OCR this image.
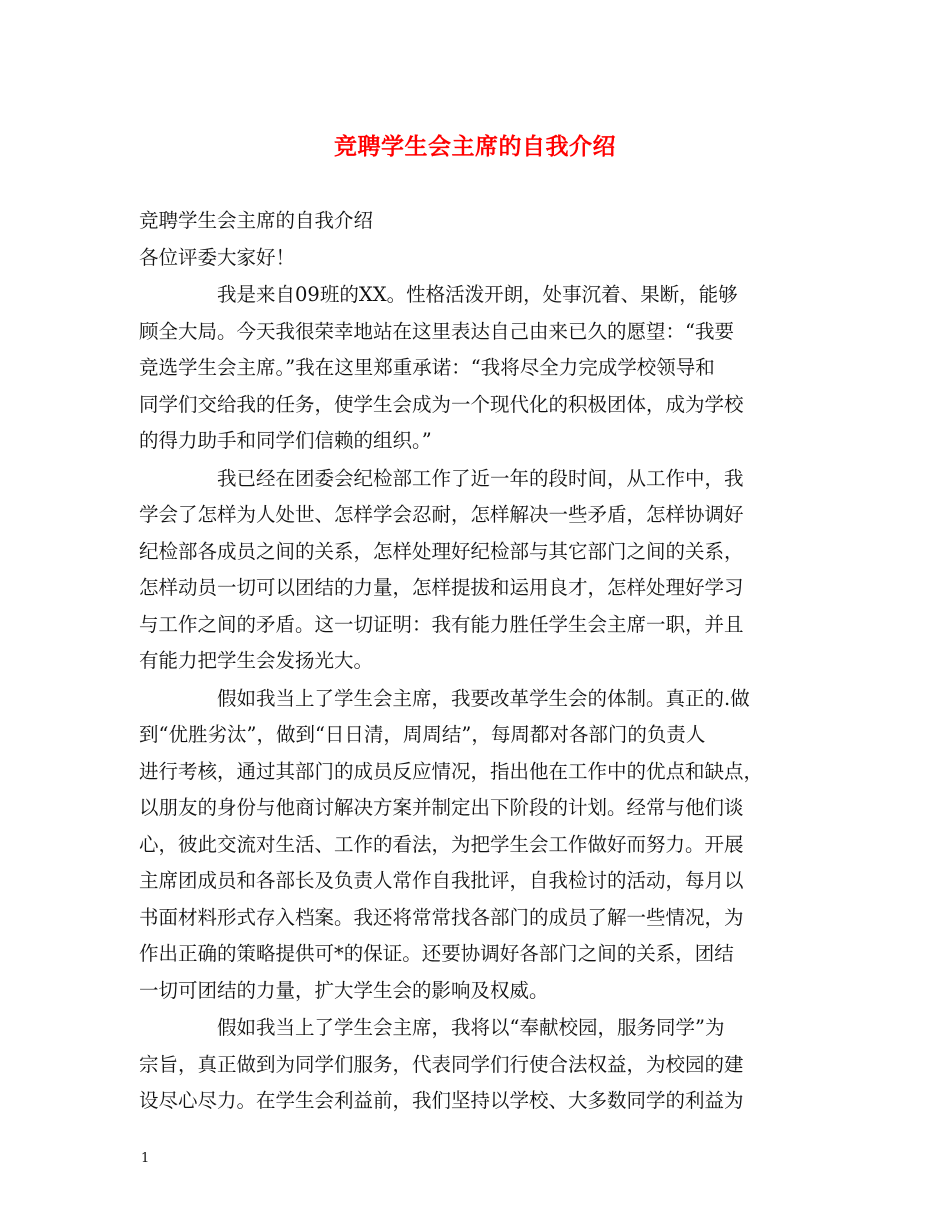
竞聘学生会主席的自我介绍
竞聘学生会主席的自我介绍
各位评委大家好！
我是来自09班的XX。性格活泼开朗，处事沉着、果断，能够
顾全大局。今天我很荣幸地站在这里表达自己由来已久的愿望：“我要
竞选学生会主席。”我在这里郑重承诺：“我将尽全力完成学校领导和
同学们交给我的任务，使学生会成为一个现代化的积极团体，成为学校
的得力助手和同学们信赖的组织。”
我已经在团委会纪检部工作了近一年的段时间，从工作中，我
学会了怎样为人处世、怎样学会忍耐，怎样解决一些矛盾，怎样协调好
纪检部各成员之间的关系，怎样处理好纪检部与其它部门之间的关系，
怎样动员一切可以团结的力量，怎样提拔和运用良才，怎样处理好学习
与工作之间的矛盾。这一切证明：我有能力胜任学生会主席一职，并且
有能力把学生会发扬光大。
假如我当上了学生会主席，我要改革学生会的体制。真正的.做
到“优胜劣汰”，做到“日日清，周周结”，每周都对各部门的负责人
进行考核，通过其部门的成员反应情况，指出他在工作中的优点和缺点，
以朋友的身份与他商讨解决方案并制定出下阶段的计划。经常与他们谈
心，彼此交流对生活、工作的看法，为把学生会工作做好而努力。开展
主席团成员和各部长及负责人常作自我批评，自我检讨的活动，每月以
书面材料形式存入档案。我还将常常找各部门的成员了解一些情况，为
作出正确的策略提供可*的保证。还要协调好各部门之间的关系，团结
一切可团结的力量，扩大学生会的影响及权威。
假如我当上了学生会主席，我将以“奉献校园，服务同学”为
宗旨，真正做到为同学们服务，代表同学们行使合法权益，为校园的建
设尽心尽力。在学生会利益前，我们坚持以学校、大多数同学的利益为
1
